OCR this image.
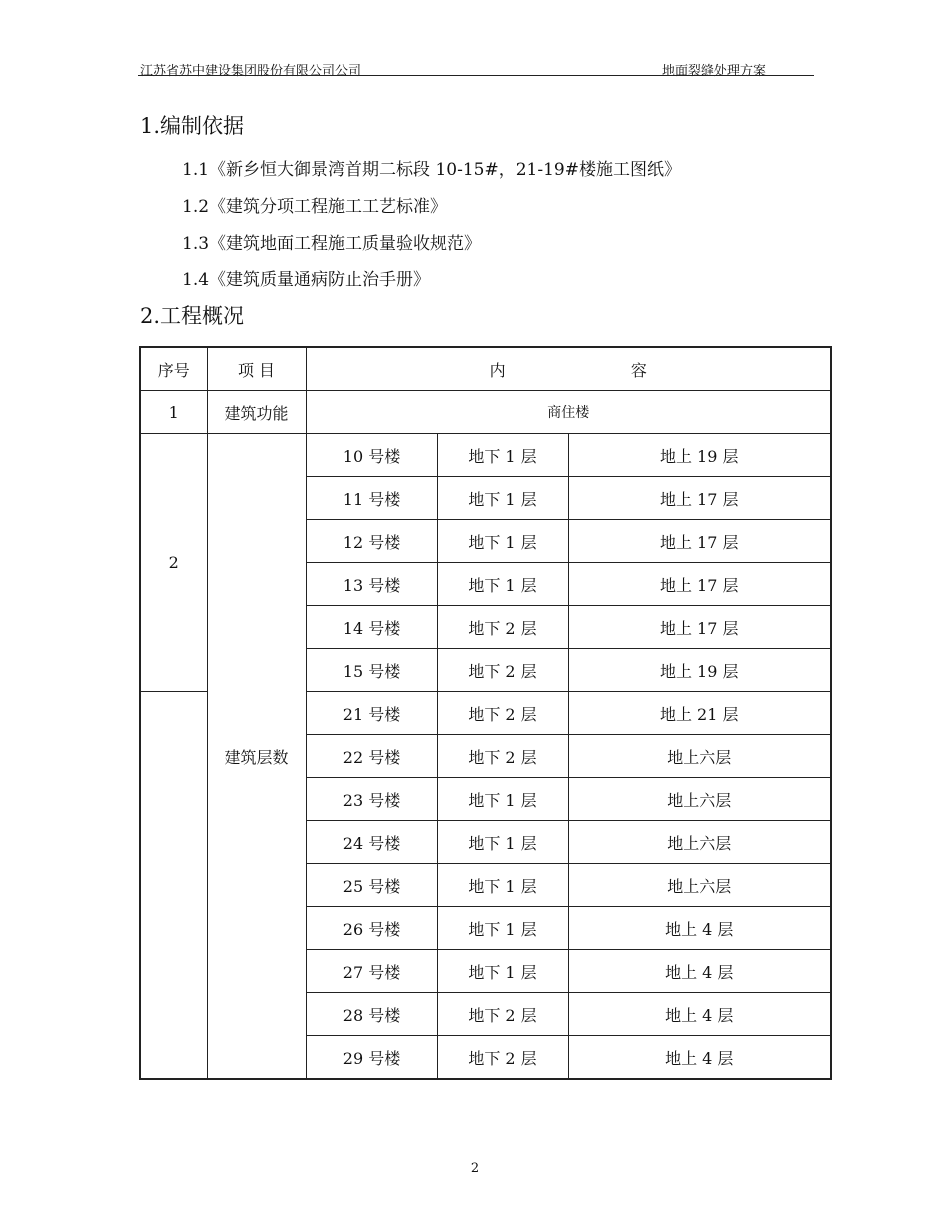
江苏省苏中建设集团股份有限公司公司	地面裂缝处理方案
1.编制依据
1.1《新乡恒大御景湾首期二标段 10-15#，21-19#楼施工图纸》
1.2《建筑分项工程施工工艺标准》
1.3《建筑地面工程施工质量验收规范》
1.4《建筑质量通病防止治手册》
2.工程概况
序号	项 目	内 容		
1	建筑功能	商住楼		
2	建筑层数	10 号楼	地下 1 层	地上 19 层
		11 号楼	地下 1 层	地上 17 层
		12 号楼	地下 1 层	地上 17 层
		13 号楼	地下 1 层	地上 17 层
		14 号楼	地下 2 层	地上 17 层
		15 号楼	地下 2 层	地上 19 层
		21 号楼	地下 2 层	地上 21 层
		22 号楼	地下 2 层	地上六层
		23 号楼	地下 1 层	地上六层
		24 号楼	地下 1 层	地上六层
		25 号楼	地下 1 层	地上六层
		26 号楼	地下 1 层	地上 4 层
		27 号楼	地下 1 层	地上 4 层
		28 号楼	地下 2 层	地上 4 层
		29 号楼	地下 2 层	地上 4 层
2
